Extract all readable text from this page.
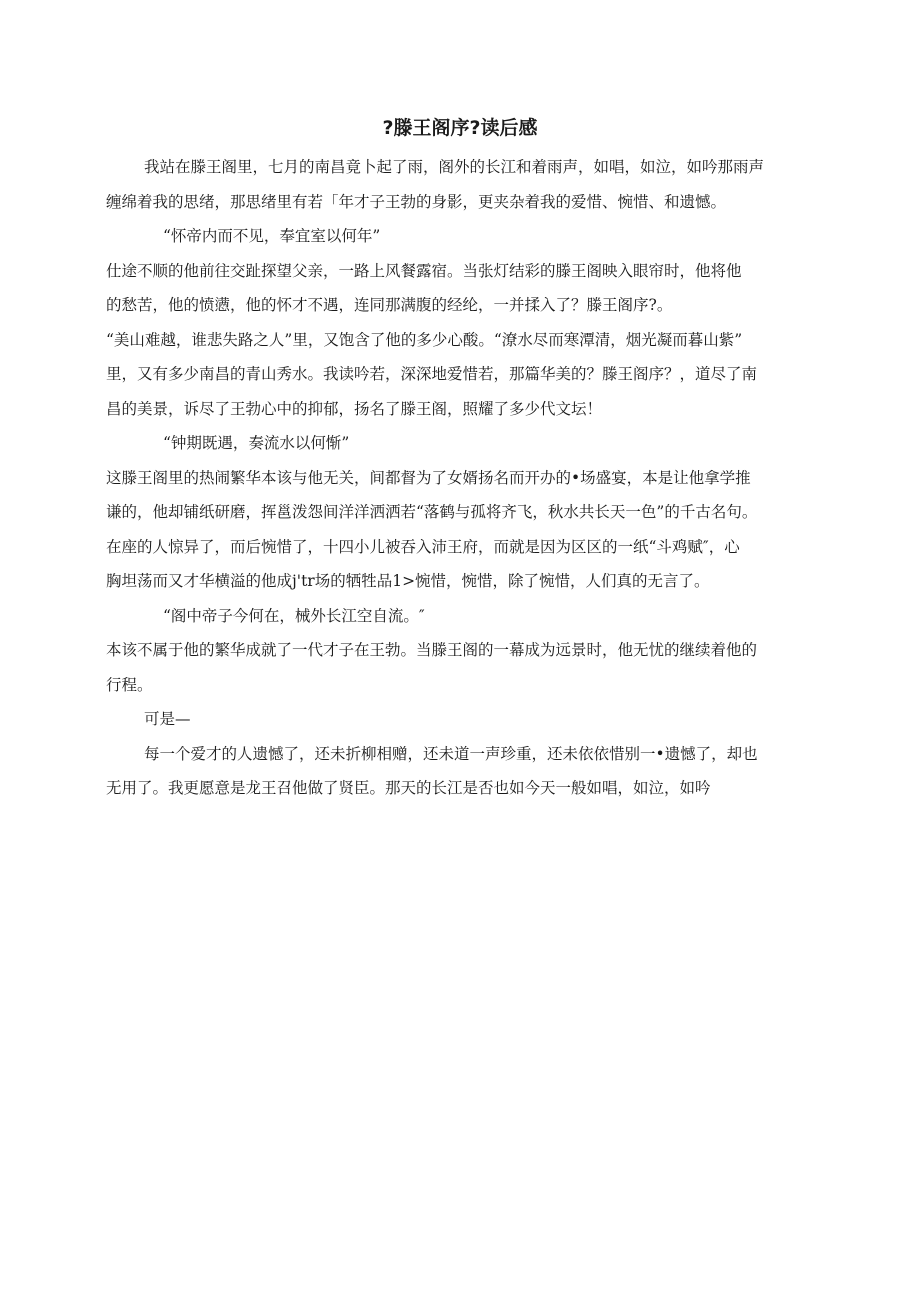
?滕王阁序?读后感
我站在滕王阁里，七月的南昌竟卜起了雨，阁外的长江和着雨声，如唱，如泣，如吟那雨声
缠绵着我的思绪，那思绪里有若「年才子王勃的身影，更夹杂着我的爱惜、惋惜、和遗憾。
“怀帝内而不见，奉宜室以何年”
仕途不顺的他前往交趾探望父亲，一路上风餐露宿。当张灯结彩的滕王阁映入眼帘时，他将他
的愁苦，他的愤懑，他的怀才不遇，连同那满腹的经纶，一并揉入了？滕王阁序?。
“美山难越，谁悲失路之人”里，又饱含了他的多少心酸。“潦水尽而寒潭清，烟光凝而暮山紫”
里，又有多少南昌的青山秀水。我读吟若，深深地爱惜若，那篇华美的？滕王阁序？，道尽了南
昌的美景，诉尽了王勃心中的抑郁，扬名了滕王阁，照耀了多少代文坛！
“钟期既遇，奏流水以何惭”
这滕王阁里的热闹繁华本该与他无关，间都督为了女婿扬名而开办的•场盛宴，本是让他拿学推
谦的，他却铺纸研磨，挥邕泼怨间洋洋洒洒若“落鹤与孤将齐飞，秋水共长天一色”的千古名句。
在座的人惊异了，而后惋惜了，十四小儿被吞入沛王府，而就是因为区区的一纸“斗鸡赋″，心
胸坦荡而又才华横溢的他成j'tr场的牺牲品1>惋惜，惋惜，除了惋惜，人们真的无言了。
“阁中帝子今何在，械外长江空自流。″
本该不属于他的繁华成就了一代才子在王勃。当滕王阁的一幕成为远景时，他无忧的继续着他的
行程。
可是—
每一个爱才的人遗憾了，还未折柳相赠，还未道一声珍重，还未依依惜别一•遗憾了，却也
无用了。我更愿意是龙王召他做了贤臣。那天的长江是否也如今天一般如唱，如泣，如吟
